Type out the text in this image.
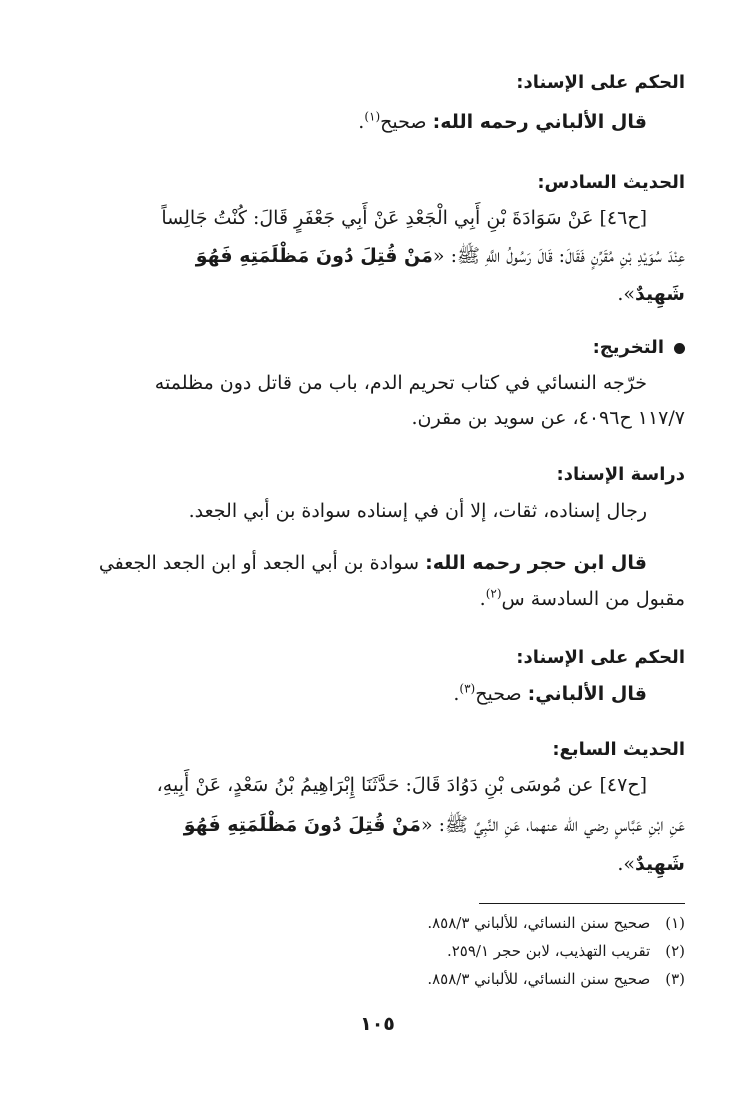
الحكم على الإسناد:
قال الألباني رحمه الله: صحيح$^{(١)}$.
الحديث السادس:
[ح٤٦] عَنْ سَوَادَةَ بْنِ أَبِي الْجَعْدِ عَنْ أَبِي جَعْفَرٍ قَالَ: كُنْتُ جَالِساً
عِنْدَ سُوَيْدِ بْنِ مُقَرِّنٍ فَقَالَ: قَالَ رَسُولُ اللَّهِ ﷺ: «مَنْ قُتِلَ دُونَ مَظْلَمَتِهِ فَهُوَ
شَهِيدٌ».
التخريج:
خرّجه النسائي في كتاب تحريم الدم، باب من قاتل دون مظلمته
١١٧/٧ ح٤٠٩٦، عن سويد بن مقرن.
دراسة الإسناد:
رجال إسناده، ثقات، إلا أن في إسناده سوادة بن أبي الجعد.
قال ابن حجر رحمه الله: سوادة بن أبي الجعد أو ابن الجعد الجعفي
مقبول من السادسة س$^{(٢)}$.
الحكم على الإسناد:
قال الألباني: صحيح$^{(٣)}$.
الحديث السابع:
[ح٤٧] عن مُوسَى بْنِ دَوُادَ قَالَ: حَدَّثَنَا إِبْرَاهِيمُ بْنُ سَعْدٍ، عَنْ أَبِيهِ،
عَنِ ابْنِ عَبَّاسٍ رضي الله عنهما، عَنِ النَّبِيِّ ﷺ: «مَنْ قُتِلَ دُونَ مَظْلَمَتِهِ فَهُوَ
شَهِيدٌ».
(١) صحيح سنن النسائي، للألباني ٨٥٨/٣.
(٢) تقريب التهذيب، لابن حجر ٢٥٩/١.
(٣) صحيح سنن النسائي، للألباني ٨٥٨/٣.
١٠٥
